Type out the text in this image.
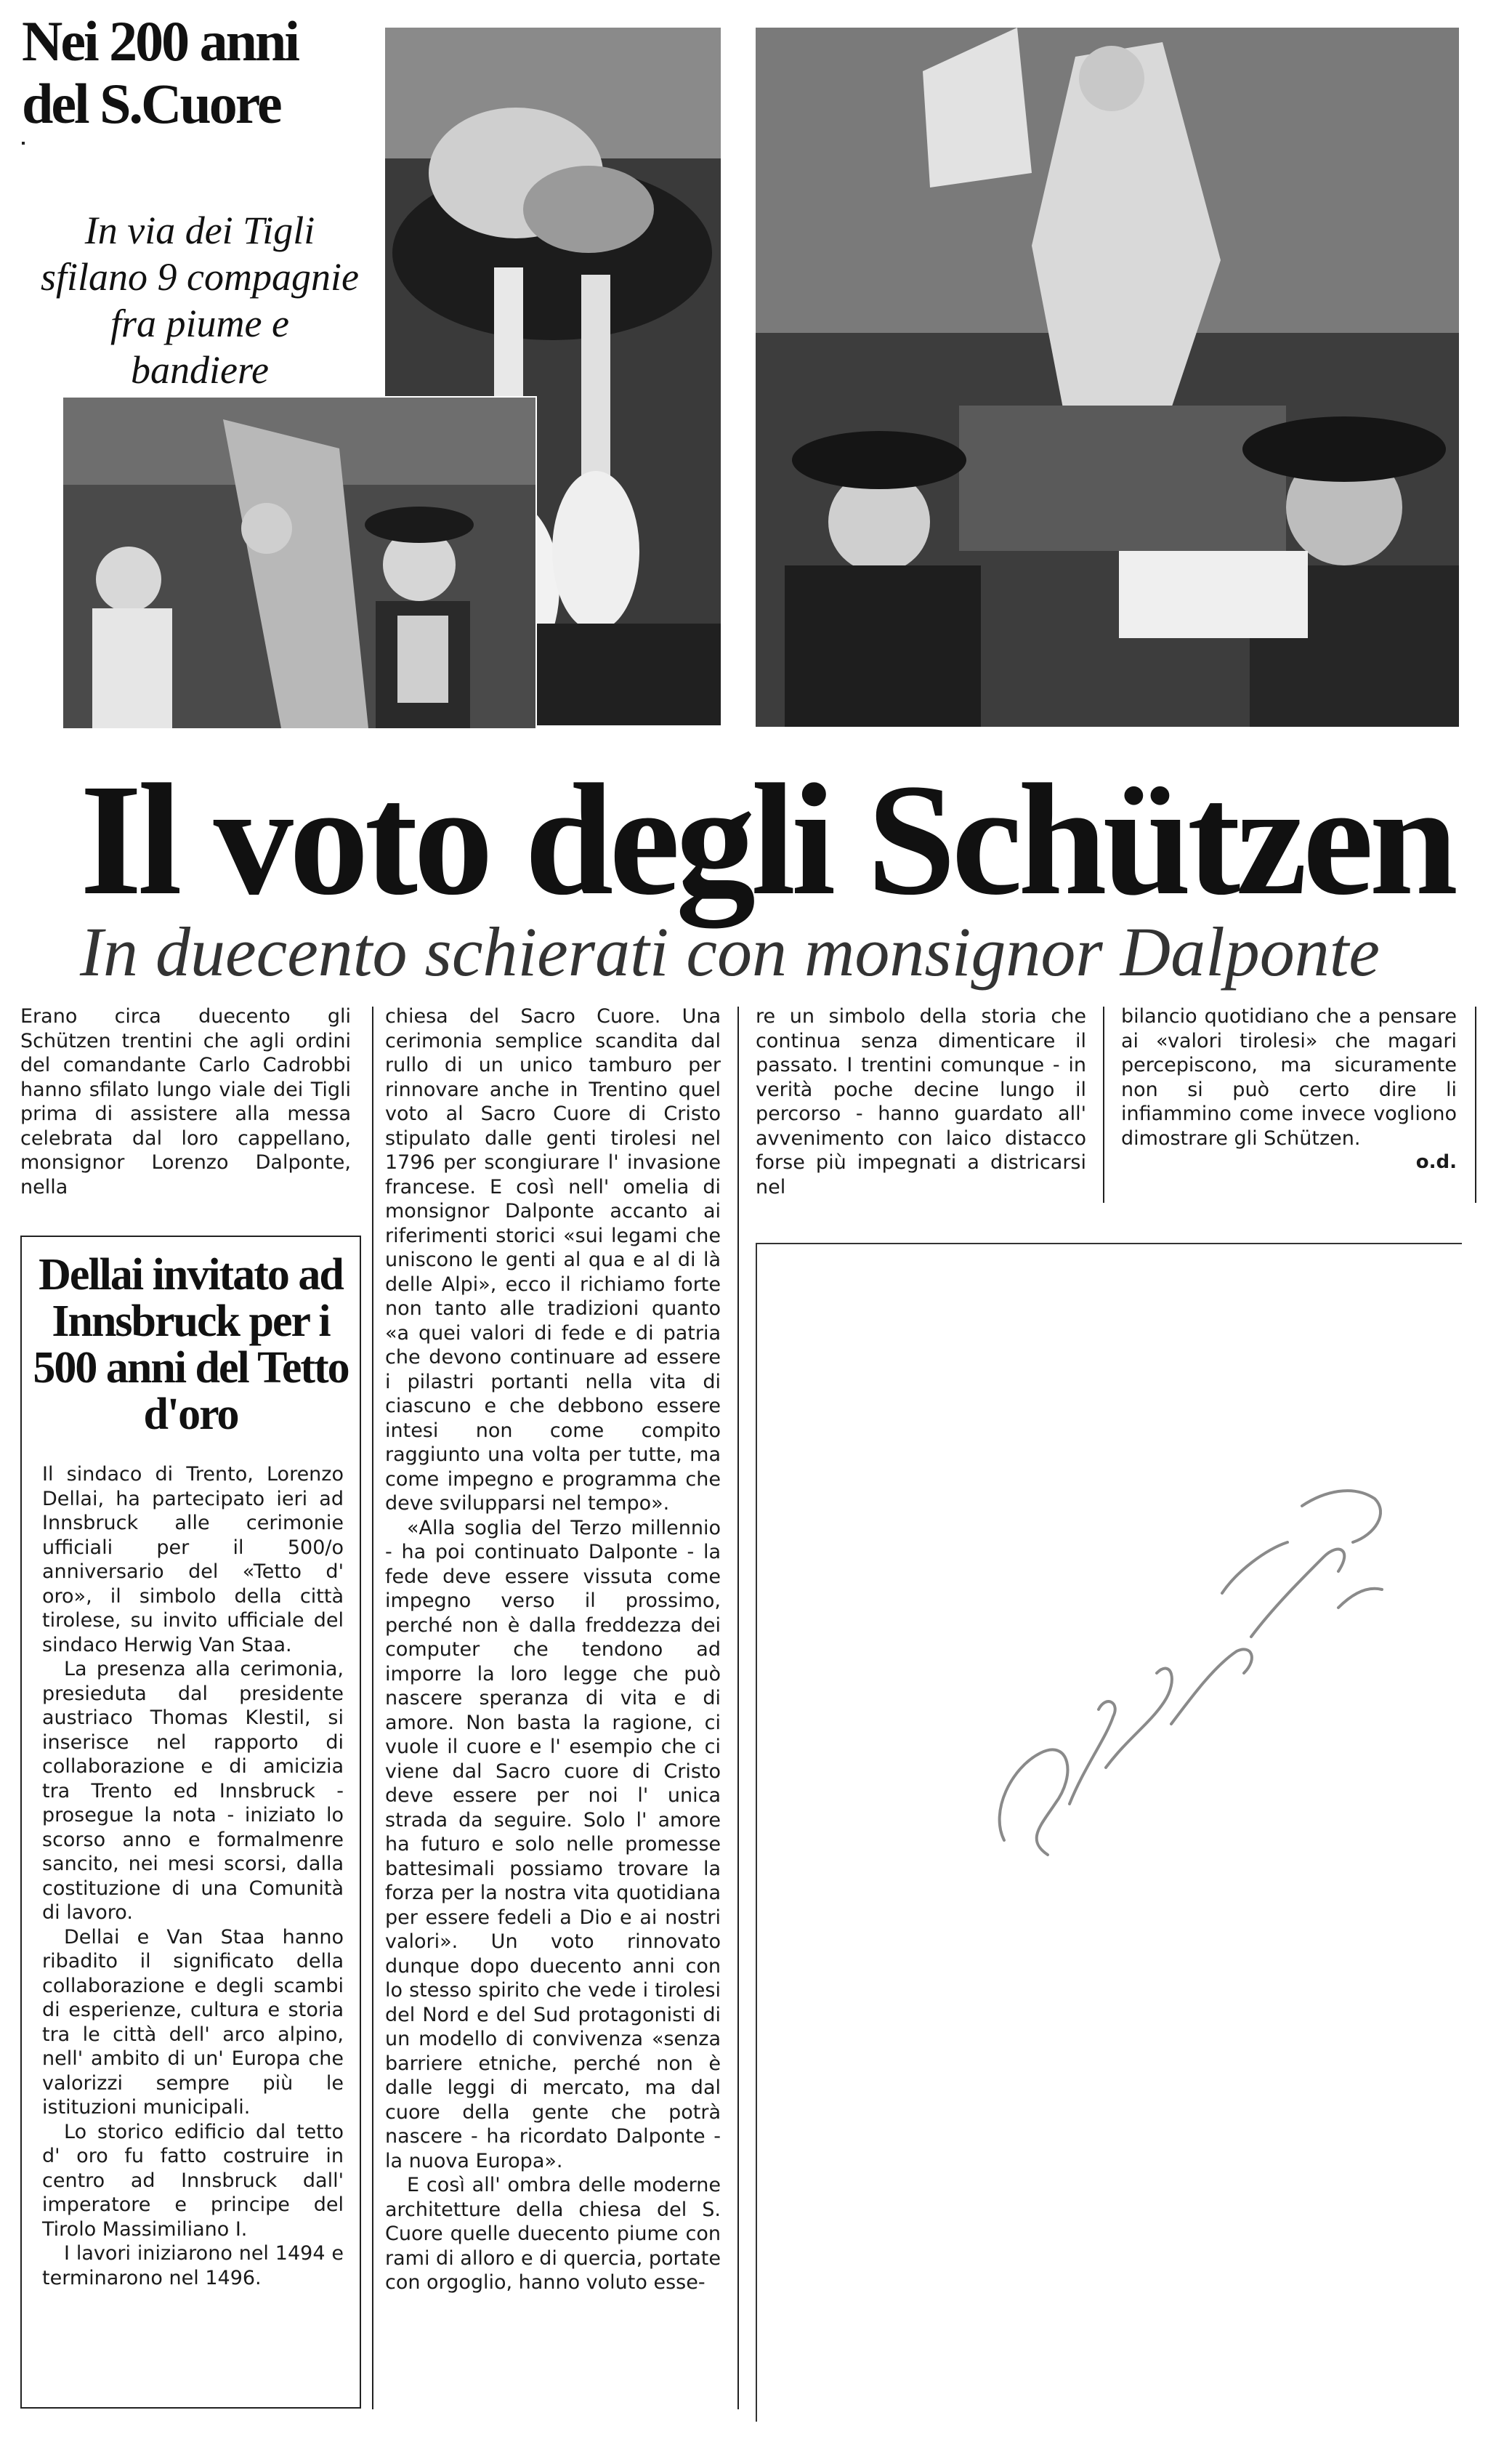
Nei 200 anni del S.Cuore
In via dei Tigli sfilano 9 compagnie fra piume e bandiere
Il voto degli Schützen
In duecento schierati con monsignor Dalponte

Erano circa duecento gli Schützen trentini che agli ordini del comandante Carlo Cadrobbi hanno sfilato lungo viale dei Tigli prima di assistere alla messa celebrata dal loro cappellano, monsignor Lorenzo Dalponte, nella

chiesa del Sacro Cuore. Una cerimonia semplice scandita dal rullo di un unico tamburo per rinnovare anche in Trentino quel voto al Sacro Cuore di Cristo stipulato dalle genti tirolesi nel 1796 per scongiurare l' invasione francese. E così nell' omelia di monsignor Dalponte accanto ai riferimenti storici «sui legami che uniscono le genti al qua e al di là delle Alpi», ecco il richiamo forte non tanto alle tradizioni quanto «a quei valori di fede e di patria che devono continuare ad essere i pilastri portanti nella vita di ciascuno e che debbono essere intesi non come compito raggiunto una volta per tutte, ma come impegno e programma che deve svilupparsi nel tempo».

«Alla soglia del Terzo millennio - ha poi continuato Dalponte - la fede deve essere vissuta come impegno verso il prossimo, perché non è dalla freddezza dei computer che tendono ad imporre la loro legge che può nascere speranza di vita e di amore. Non basta la ragione, ci vuole il cuore e l' esempio che ci viene dal Sacro cuore di Cristo deve essere per noi l' unica strada da seguire. Solo l' amore ha futuro e solo nelle promesse battesimali possiamo trovare la forza per la nostra vita quotidiana per essere fedeli a Dio e ai nostri valori». Un voto rinnovato dunque dopo duecento anni con lo stesso spirito che vede i tirolesi del Nord e del Sud protagonisti di un modello di convivenza «senza barriere etniche, perché non è dalle leggi di mercato, ma dal cuore della gente che potrà nascere - ha ricordato Dalponte - la nuova Europa».

E così all' ombra delle moderne architetture della chiesa del S. Cuore quelle duecento piume con rami di alloro e di quercia, portate con orgoglio, hanno voluto esse-

re un simbolo della storia che continua senza dimenticare il passato. I trentini comunque - in verità poche decine lungo il percorso - hanno guardato all' avvenimento con laico distacco forse più impegnati a districarsi nel

bilancio quotidiano che a pensare ai «valori tirolesi» che magari percepiscono, ma sicuramente non si può certo dire li infiammino come invece vogliono dimostrare gli Schützen.

o.d.
Dellai invitato ad Innsbruck per i 500 anni del Tetto d'oro

Il sindaco di Trento, Lorenzo Dellai, ha partecipato ieri ad Innsbruck alle cerimonie ufficiali per il 500/o anniversario del «Tetto d' oro», il simbolo della città tirolese, su invito ufficiale del sindaco Herwig Van Staa.

La presenza alla cerimonia, presieduta dal presidente austriaco Thomas Klestil, si inserisce nel rapporto di collaborazione e di amicizia tra Trento ed Innsbruck - prosegue la nota - iniziato lo scorso anno e formalmenre sancito, nei mesi scorsi, dalla costituzione di una Comunità di lavoro.

Dellai e Van Staa hanno ribadito il significato della collaborazione e degli scambi di esperienze, cultura e storia tra le città dell' arco alpino, nell' ambito di un' Europa che valorizzi sempre più le istituzioni municipali.

Lo storico edificio dal tetto d' oro fu fatto costruire in centro ad Innsbruck dall' imperatore e principe del Tirolo Massimiliano I.

I lavori iniziarono nel 1494 e terminarono nel 1496.
